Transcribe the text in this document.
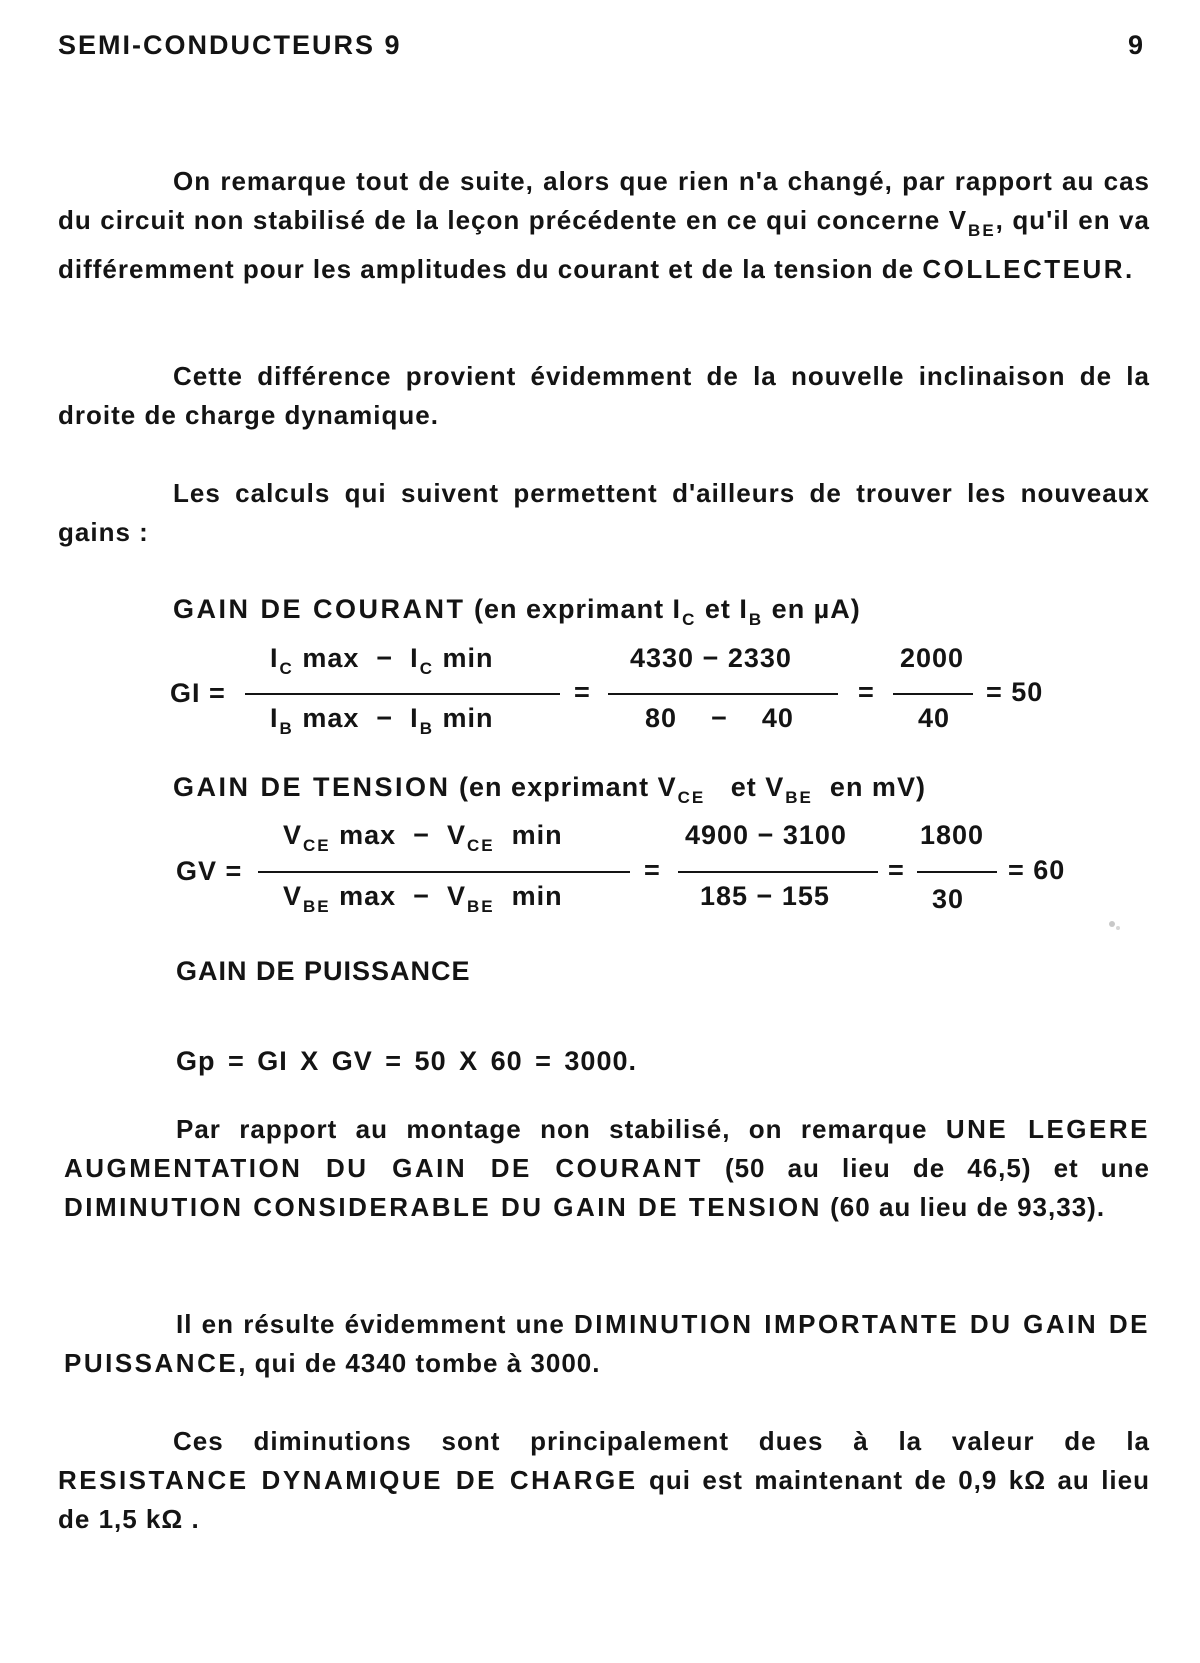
SEMI-CONDUCTEURS 9	9

On remarque tout de suite, alors que rien n'a changé, par rapport au cas du circuit non stabilisé de la leçon précédente en ce qui concerne $V_{BE}$, qu'il en va différemment pour les amplitudes du courant et de la tension de COLLECTEUR.

Cette différence provient évidemment de la nouvelle inclinaison de la droite de charge dynamique.

Les calculs qui suivent permettent d'ailleurs de trouver les nouveaux gains :

GAIN DE COURANT (en exprimant $I_C$ et $I_B$ en µA)
GI =
$I_C$ $\max - I_C$ min
$I_B$ $\max - I_B$ min
=
4330 − 2330
80 − 40
=
2000
40
= 50
GAIN DE TENSION (en exprimant $V_{CE}$ et $V_{BE}$ en mV)
GV =
$V_{CE}$ $\max - V_{CE}$ min
$V_{BE}$ $\max - V_{BE}$ min
=
4900 − 3100
185 − 155
=
1800
30
= 60
GAIN DE PUISSANCE
Gp = GI X GV = 50 X 60 = 3000.

Par rapport au montage non stabilisé, on remarque UNE LEGERE AUGMENTATION DU GAIN DE COURANT (50 au lieu de 46,5) et une DIMINUTION CONSIDERABLE DU GAIN DE TENSION (60 au lieu de 93,33).

Il en résulte évidemment une DIMINUTION IMPORTANTE DU GAIN DE PUISSANCE, qui de 4340 tombe à 3000.

Ces diminutions sont principalement dues à la valeur de la RESISTANCE DYNAMIQUE DE CHARGE qui est maintenant de 0,9 kΩ au lieu de 1,5 kΩ .
